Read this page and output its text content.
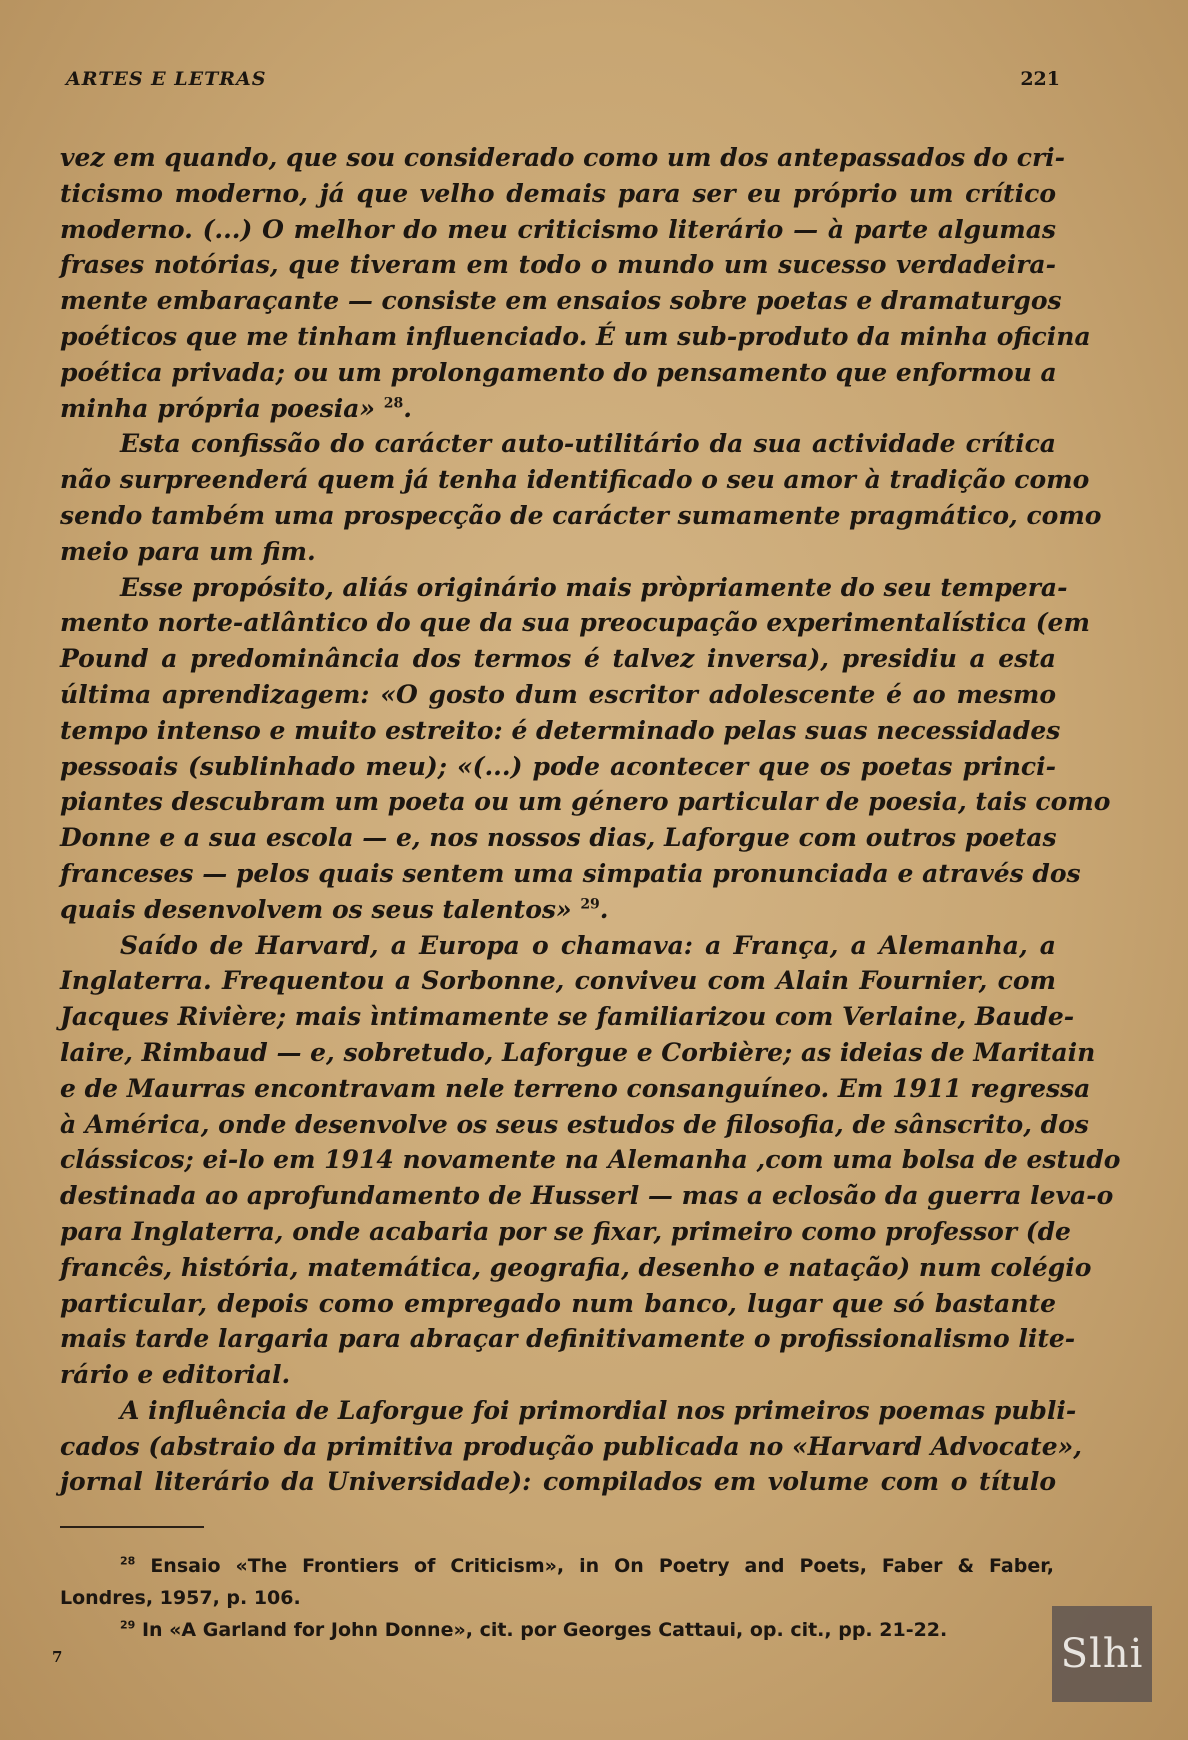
ARTES E LETRAS	221
vez em quando, que sou considerado como um dos antepassados do cri-
ticismo moderno, já que velho demais para ser eu próprio um crítico
moderno. (...) O melhor do meu criticismo literário — à parte algumas
frases notórias, que tiveram em todo o mundo um sucesso verdadeira-
mente embaraçante — consiste em ensaios sobre poetas e dramaturgos
poéticos que me tinham influenciado. É um sub-produto da minha oficina
poética privada; ou um prolongamento do pensamento que enformou a
minha própria poesia» $^{28}$.
Esta confissão do carácter auto-utilitário da sua actividade crítica
não surpreenderá quem já tenha identificado o seu amor à tradição como
sendo também uma prospecção de carácter sumamente pragmático, como
meio para um fim.
Esse propósito, aliás originário mais pròpriamente do seu tempera-
mento norte-atlântico do que da sua preocupação experimentalística (em
Pound a predominância dos termos é talvez inversa), presidiu a esta
última aprendizagem: «O gosto dum escritor adolescente é ao mesmo
tempo intenso e muito estreito: é determinado pelas suas necessidades
pessoais (sublinhado meu); «(...) pode acontecer que os poetas princi-
piantes descubram um poeta ou um género particular de poesia, tais como
Donne e a sua escola — e, nos nossos dias, Laforgue com outros poetas
franceses — pelos quais sentem uma simpatia pronunciada e através dos
quais desenvolvem os seus talentos» $^{29}$.
Saído de Harvard, a Europa o chamava: a França, a Alemanha, a
Inglaterra. Frequentou a Sorbonne, conviveu com Alain Fournier, com
Jacques Rivière; mais ìntimamente se familiarizou com Verlaine, Baude-
laire, Rimbaud — e, sobretudo, Laforgue e Corbière; as ideias de Maritain
e de Maurras encontravam nele terreno consanguíneo. Em 1911 regressa
à América, onde desenvolve os seus estudos de filosofia, de sânscrito, dos
clássicos; ei-lo em 1914 novamente na Alemanha ,com uma bolsa de estudo
destinada ao aprofundamento de Husserl — mas a eclosão da guerra leva-o
para Inglaterra, onde acabaria por se fixar, primeiro como professor (de
francês, história, matemática, geografia, desenho e natação) num colégio
particular, depois como empregado num banco, lugar que só bastante
mais tarde largaria para abraçar definitivamente o profissionalismo lite-
rário e editorial.
A influência de Laforgue foi primordial nos primeiros poemas publi-
cados (abstraio da primitiva produção publicada no «Harvard Advocate»,
jornal literário da Universidade): compilados em volume com o título
$^{28}$ Ensaio «The Frontiers of Criticism», in On Poetry and Poets, Faber & Faber,
Londres, 1957, p. 106.
$^{29}$ In «A Garland for John Donne», cit. por Georges Cattaui, op. cit., pp. 21-22.
7	Slhi
